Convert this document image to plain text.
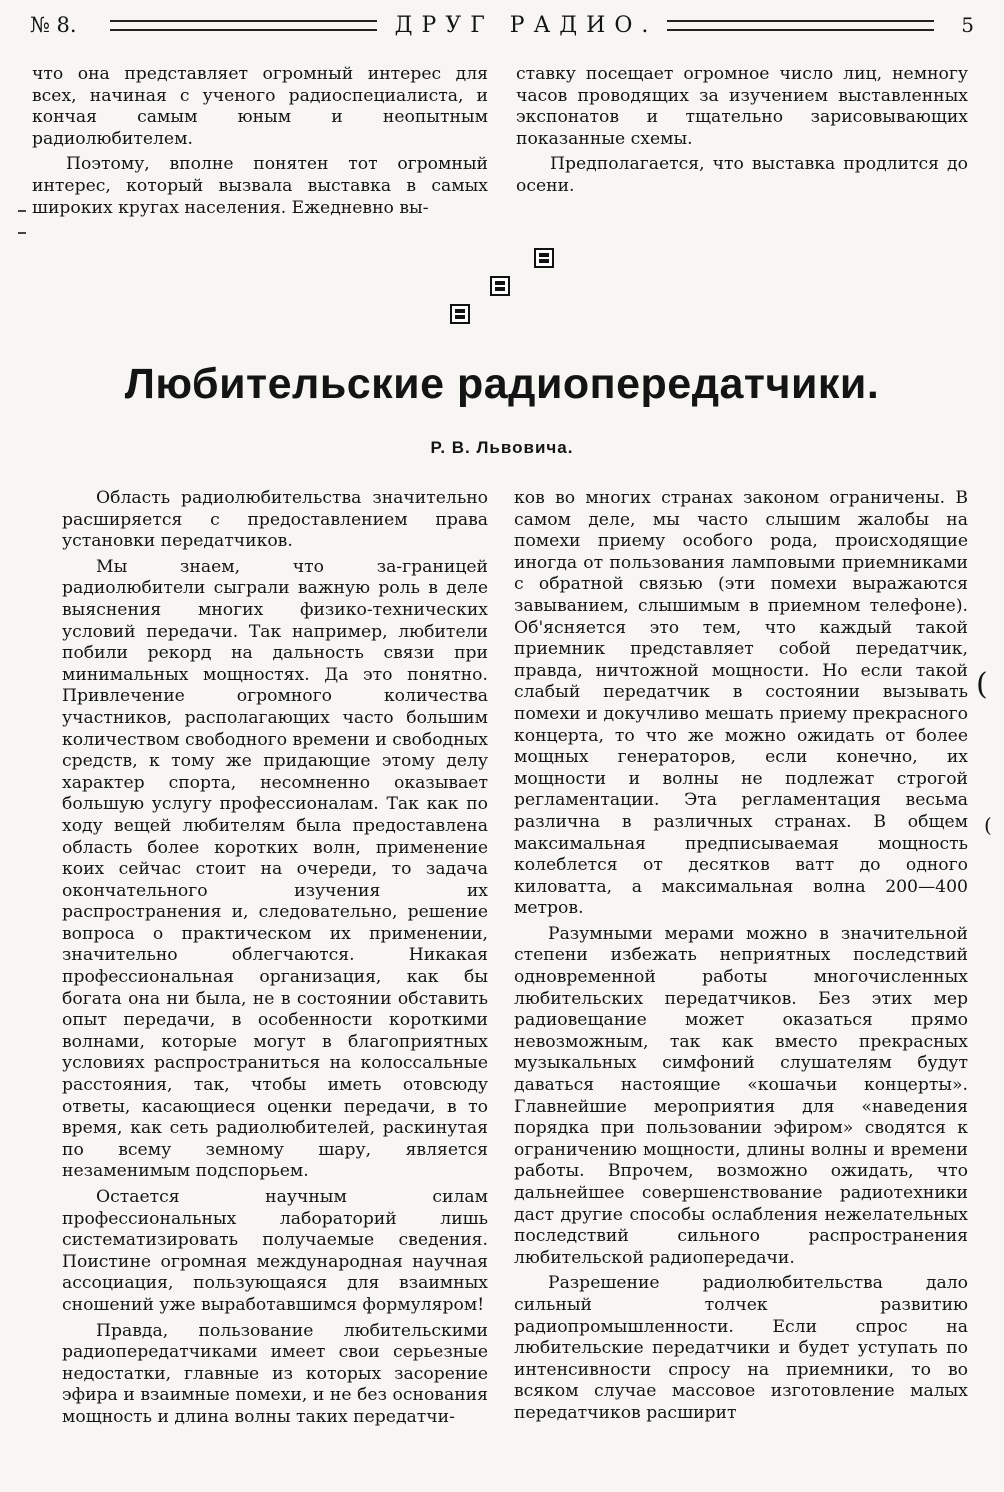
№ 8.	ДРУГ РАДИО.	5

что она представляет огромный интерес для всех, начиная с ученого радиоспециалиста, и кончая самым юным и неопытным радиолюбителем.

Поэтому, вполне понятен тот огромный интерес, который вызвала выставка в самых широких кругах населения. Ежедневно вы-

ставку посещает огромное число лиц, немногу часов проводящих за изучением выставленных экспонатов и тщательно зарисовывающих показанные схемы.

Предполагается, что выставка продлится до осени.

Любительские радиопередатчики.
Р. В. Львовича.

Область радиолюбительства значительно расширяется с предоставлением права установки передатчиков.

Мы знаем, что за-границей радиолюбители сыграли важную роль в деле выяснения многих физико-технических условий передачи. Так например, любители побили рекорд на дальность связи при минимальных мощностях. Да это понятно. Привлечение огромного количества участников, располагающих часто большим количеством свободного времени и свободных средств, к тому же придающие этому делу характер спорта, несомненно оказывает большую услугу профессионалам. Так как по ходу вещей любителям была предоставлена область более коротких волн, применение коих сейчас стоит на очереди, то задача окончательного изучения их распространения и, следовательно, решение вопроса о практическом их применении, значительно облегчаются. Никакая профессиональная организация, как бы богата она ни была, не в состоянии обставить опыт передачи, в особенности короткими волнами, которые могут в благоприятных условиях распространиться на колоссальные расстояния, так, чтобы иметь отовсюду ответы, касающиеся оценки передачи, в то время, как сеть радиолюбителей, раскинутая по всему земному шару, является незаменимым подспорьем.

Остается научным силам профессиональных лабораторий лишь систематизировать получаемые сведения. Поистине огромная международная научная ассоциация, пользующаяся для взаимных сношений уже выработавшимся формуляром!

Правда, пользование любительскими радиопередатчиками имеет свои серьезные недостатки, главные из которых засорение эфира и взаимные помехи, и не без основания мощность и длина волны таких передатчи-

ков во многих странах законом ограничены. В самом деле, мы часто слышим жалобы на помехи приему особого рода, происходящие иногда от пользования ламповыми приемниками с обратной связью (эти помехи выражаются завыванием, слышимым в приемном телефоне). Об'ясняется это тем, что каждый такой приемник представляет собой передатчик, правда, ничтожной мощности. Но если такой слабый передатчик в состоянии вызывать помехи и докучливо мешать приему прекрасного концерта, то что же можно ожидать от более мощных генераторов, если конечно, их мощности и волны не подлежат строгой регламентации. Эта регламентация весьма различна в различных странах. В общем максимальная предписываемая мощность колеблется от десятков ватт до одного киловатта, а максимальная волна 200—400 метров.

Разумными мерами можно в значительной степени избежать неприятных последствий одновременной работы многочисленных любительских передатчиков. Без этих мер радиовещание может оказаться прямо невозможным, так как вместо прекрасных музыкальных симфоний слушателям будут даваться настоящие «кошачьи концерты». Главнейшие мероприятия для «наведения порядка при пользовании эфиром» сводятся к ограничению мощности, длины волны и времени работы. Впрочем, возможно ожидать, что дальнейшее совершенствование радиотехники даст другие способы ослабления нежелательных последствий сильного распространения любительской радиопередачи.

Разрешение радиолюбительства дало сильный толчек развитию радиопромышленности. Если спрос на любительские передатчики и будет уступать по интенсивности спросу на приемники, то во всяком случае массовое изготовление малых передатчиков расширит

(
(
